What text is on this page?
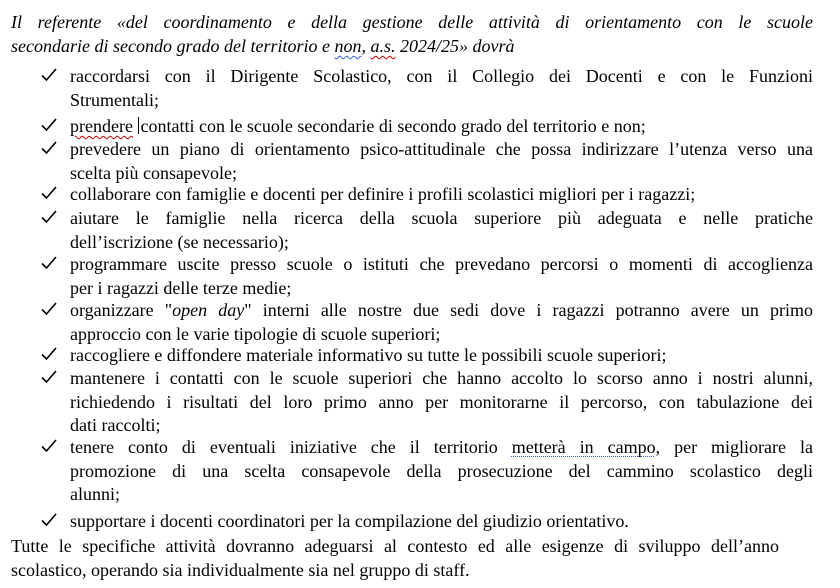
Il referente «del coordinamento e della gestione delle attività di orientamento con le scuole
secondarie di secondo grado del territorio e non, a.s. 2024/25» dovrà
raccordarsi con il Dirigente Scolastico, con il Collegio dei Docenti e con le Funzioni
Strumentali;
prendere contatti con le scuole secondarie di secondo grado del territorio e non;
prevedere un piano di orientamento psico-attitudinale che possa indirizzare l’utenza verso una
scelta più consapevole;
collaborare con famiglie e docenti per definire i profili scolastici migliori per i ragazzi;
aiutare le famiglie nella ricerca della scuola superiore più adeguata e nelle pratiche
dell’iscrizione (se necessario);
programmare uscite presso scuole o istituti che prevedano percorsi o momenti di accoglienza
per i ragazzi delle terze medie;
organizzare "open day" interni alle nostre due sedi dove i ragazzi potranno avere un primo
approccio con le varie tipologie di scuole superiori;
raccogliere e diffondere materiale informativo su tutte le possibili scuole superiori;
mantenere i contatti con le scuole superiori che hanno accolto lo scorso anno i nostri alunni,
richiedendo i risultati del loro primo anno per monitorarne il percorso, con tabulazione dei
dati raccolti;
tenere conto di eventuali iniziative che il territorio metterà in campo, per migliorare la
promozione di una scelta consapevole della prosecuzione del cammino scolastico degli
alunni;
supportare i docenti coordinatori per la compilazione del giudizio orientativo.
Tutte le specifiche attività dovranno adeguarsi al contesto ed alle esigenze di sviluppo dell’anno
scolastico, operando sia individualmente sia nel gruppo di staff.
